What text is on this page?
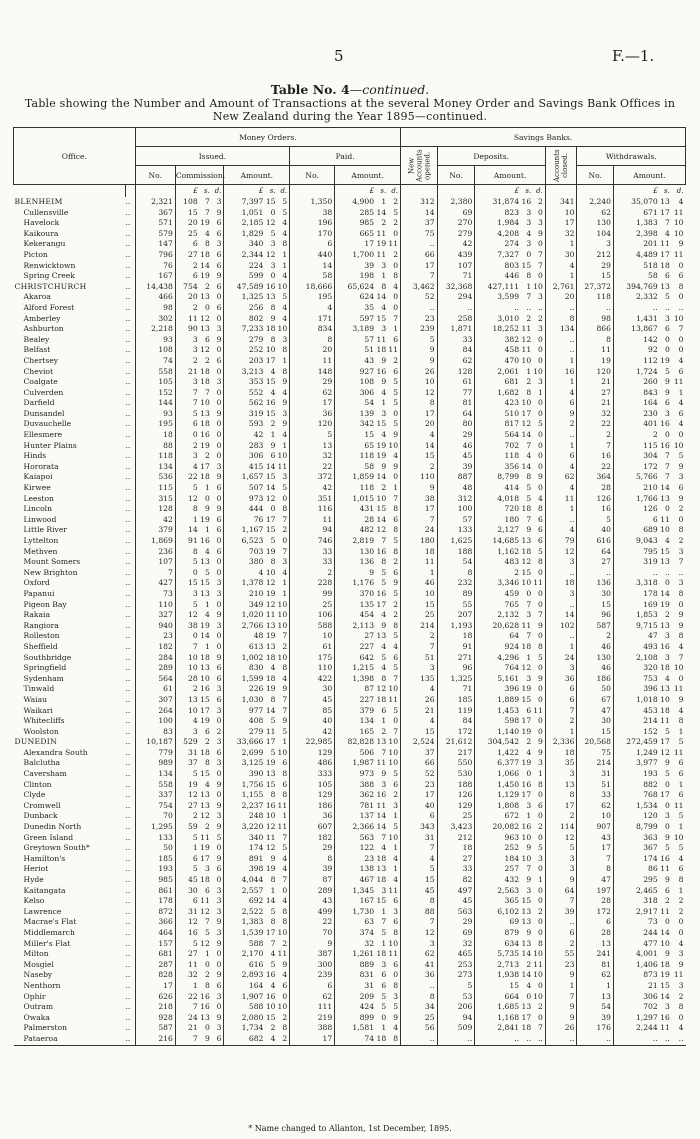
5	F.—1.
Table No. 4—continued.
Table showing the Number and Amount of Transactions at the several Money Order and Savings Bank Offices in New Zealand during the Year 1895—continued.
Office.		Money Orders.											Savings Banks.									
		Issued.							Paid.				New Accounts opened.	Deposits.				Accounts closed.	Withdrawals.			
		No.	Commission.			Amount.			No.	Amount.				No.	Amount.				No.	Amount.		
			£	s.	d.	£	s.	d.		£	s.	d.			£	s.	d.			£	s.	d.
BLENHEIM	..	2,321	108	7	3	7,397	15	5	1,350	4,900	1	2	312	2,380	31,874	16	2	341	2,240	35,070	13	4
Cullensville	..	367	15	7	9	1,051	0	5	38	285	14	5	14	69	823	3	0	10	62	671	17	11
Havelock	..	571	20	19	6	2,185	12	4	196	985	2	2	37	270	1,984	3	3	17	130	1,383	7	10
Kaikoura	..	579	25	4	6	1,829	5	4	170	665	11	0	75	279	4,208	4	9	32	104	2,398	4	10
Kekerangu	..	147	6	8	3	340	3	8	6	17	19	11	..	42	274	3	0	1	3	201	11	9
Picton	..	796	27	18	6	2,344	12	1	440	1,700	11	2	66	439	7,327	0	7	30	212	4,489	17	11
Renwicktown	..	76	2	14	6	224	3	1	14	39	3	0	17	107	803	15	7	4	29	518	18	0
Spring Creek	..	167	6	19	9	599	0	4	58	198	1	8	7	71	446	8	0	1	15	58	6	6
CHRISTCHURCH	..	14,438	754	2	6	47,589	16	10	18,666	65,624	8	4	3,462	32,368	427,111	1	10	2,761	27,372	394,769	13	8
Akaroa	..	466	20	13	0	1,325	13	5	195	624	14	0	52	294	3,599	7	3	20	118	2,332	5	0
Alford Forest	..	98	2	0	6	256	8	4	4	35	4	0	..	..	..	..	..	..	..	..	..	..
Amberley	..	302	11	12	0	802	9	4	171	597	15	7	23	258	3,010	2	2	8	98	1,431	3	10
Ashburton	..	2,218	90	13	3	7,233	18	10	834	3,189	3	1	239	1,871	18,252	11	3	134	866	13,867	6	7
Bealey	..	93	3	6	9	279	8	3	8	57	11	6	5	33	382	12	0	..	8	142	0	0
Belfast	..	108	3	12	0	252	10	8	20	51	18	11	9	84	458	11	0	..	11	92	0	0
Chertsey	..	74	2	2	6	203	17	1	11	43	9	2	9	62	470	10	0	1	19	112	19	4
Cheviot	..	558	21	18	0	3,213	4	8	148	927	16	6	26	128	2,061	1	10	16	120	1,724	5	6
Coalgate	..	105	3	18	3	353	15	9	29	108	9	5	10	61	681	2	3	1	21	260	9	11
Culverden	..	152	7	7	0	552	4	4	62	306	4	5	12	77	1,682	8	1	4	27	843	9	1
Darfield	..	144	7	10	0	562	16	9	17	54	1	5	8	81	423	10	0	6	21	164	6	4
Dunsandel	..	93	5	13	9	319	15	3	36	139	3	0	17	64	510	17	0	9	32	230	3	6
Duvauchelle	..	195	6	18	0	593	2	9	120	342	15	5	20	80	817	12	5	2	22	401	16	4
Ellesmere	..	18	0	16	0	42	1	4	5	15	4	9	4	29	564	14	0	..	2	2	0	0
Hunter Plains	..	88	2	19	0	283	9	1	13	65	19	10	14	46	702	7	0	1	7	115	16	10
Hinds	..	118	3	2	0	306	6	10	32	118	19	4	15	45	118	4	0	6	16	304	7	5
Hororata	..	134	4	17	3	415	14	11	22	58	9	9	2	39	356	14	0	4	22	172	7	9
Kaiapoi	..	536	22	18	9	1,657	15	3	372	1,859	14	0	110	887	8,799	8	9	62	364	5,766	7	3
Kirwee	..	115	5	1	6	507	14	5	42	118	2	1	9	48	414	5	0	4	28	210	14	6
Leeston	..	315	12	0	0	973	12	0	351	1,015	10	7	38	312	4,018	5	4	11	126	1,766	13	9
Lincoln	..	128	8	9	9	444	0	8	116	431	15	8	17	100	720	18	8	1	16	126	0	2
Linwood	..	42	1	19	6	76	17	7	11	28	14	6	7	57	180	7	6	..	5	6	11	0
Little River	..	379	14	1	6	1,167	15	2	94	482	12	8	24	133	2,127	9	6	4	40	689	10	8
Lyttelton	..	1,869	91	16	0	6,523	5	0	746	2,819	7	5	180	1,625	14,685	13	6	79	616	9,043	4	2
Methven	..	236	8	4	6	703	19	7	33	130	16	8	18	188	1,162	18	5	12	64	795	15	3
Mount Somers	..	107	5	13	0	380	8	3	33	136	8	2	11	54	483	12	8	3	27	319	13	7
New Brighton	..	7	0	5	0	4	10	4	2	9	5	6	1	8	2	15	0	..	..	..	..	..
Oxford	..	427	15	15	3	1,378	12	1	228	1,176	5	9	46	232	3,346	10	11	18	136	3,318	0	3
Papanui	..	73	3	13	3	210	19	1	99	370	16	5	10	89	459	0	0	3	30	178	14	8
Pigeon Bay	..	110	5	1	0	349	12	10	25	135	17	2	15	55	765	7	0	..	15	169	19	0
Rakaia	..	327	12	4	9	1,020	11	10	106	454	4	2	25	207	2,132	3	7	14	96	1,853	2	9
Rangiora	..	940	38	19	3	2,766	13	10	588	2,113	9	8	214	1,193	20,628	11	9	102	587	9,715	13	9
Rolleston	..	23	0	14	0	48	19	7	10	27	13	5	2	18	64	7	0	..	2	47	3	8
Sheffield	..	182	7	1	0	613	13	2	61	227	4	4	7	91	924	18	8	1	46	493	16	4
Southbridge	..	284	10	18	9	1,002	18	10	175	642	5	6	51	271	4,296	1	5	24	130	2,108	3	7
Springfield	..	289	10	13	6	830	4	8	110	1,215	4	5	3	96	764	12	0	3	46	320	18	10
Sydenham	..	564	28	10	6	1,599	18	4	422	1,398	8	7	135	1,325	5,161	3	9	36	186	753	4	0
Tinwald	..	61	2	16	3	226	19	9	30	87	12	10	4	71	396	19	0	6	50	396	13	11
Waiau	..	307	13	15	6	1,030	8	7	45	227	18	11	26	185	1,889	15	0	6	67	1,018	10	9
Waikari	..	264	10	17	3	977	14	7	85	379	6	5	21	119	1,453	6	11	7	47	453	18	4
Whitecliffs	..	100	4	19	0	408	5	9	40	134	1	0	4	84	598	17	0	2	30	214	11	8
Woolston	..	83	3	6	2	279	11	5	42	165	2	7	15	172	1,140	19	0	1	15	152	5	1
DUNEDIN	..	10,187	529	2	3	33,666	17	1	22,985	82,828	13	10	2,524	21,612	304,542	2	9	2,336	20,568	272,459	17	5
Alexandra South	..	779	31	18	6	2,699	5	10	129	506	7	10	37	217	1,422	4	9	18	75	1,249	12	11
Balclutha	..	989	37	8	3	3,125	19	6	486	1,987	11	10	66	550	6,377	19	3	35	214	3,977	9	6
Caversham	..	134	5	15	0	390	13	8	333	973	9	5	52	530	1,066	0	1	3	31	193	5	6
Clinton	..	558	19	4	9	1,756	15	6	105	388	3	6	23	188	1,450	16	8	13	51	882	0	1
Clyde	..	337	12	13	0	1,155	8	8	129	362	16	2	17	126	1,129	17	0	8	33	768	17	6
Cromwell	..	754	27	13	9	2,237	16	11	186	781	11	3	40	129	1,808	3	6	17	62	1,534	0	11
Dunback	..	70	2	12	3	248	10	1	36	137	14	1	6	25	672	1	0	2	10	120	3	5
Dunedin North	..	1,295	59	2	9	3,220	12	11	607	2,366	14	5	343	3,423	20,082	16	2	114	907	8,799	0	1
Green Island	..	133	5	11	5	340	11	7	182	563	7	10	31	212	963	10	0	12	43	363	9	10
Greytown South*	..	50	1	19	0	174	12	5	29	122	4	1	7	18	252	9	5	5	17	367	5	5
Hamilton's	..	185	6	17	9	891	9	4	8	23	18	4	4	27	184	10	3	3	7	174	16	4
Heriot	..	193	5	3	6	398	19	4	39	138	13	1	5	33	257	7	0	3	8	86	11	6
Hyde	..	985	45	18	0	4,044	8	7	87	467	18	4	15	82	432	9	1	9	47	295	9	8
Kaitangata	..	861	30	6	3	2,557	1	0	289	1,345	3	11	45	497	2,563	3	0	64	197	2,465	6	1
Kelso	..	178	6	11	3	692	14	4	43	167	15	6	8	45	365	15	0	7	28	318	2	2
Lawrence	..	872	31	12	3	2,522	5	8	499	1,730	1	3	88	563	6,102	13	2	39	172	2,917	11	2
Macrae's Flat	..	366	12	7	9	1,383	8	8	22	63	7	6	7	29	69	13	0	..	6	73	0	0
Middlemarch	..	464	16	5	3	1,539	17	10	70	374	5	8	12	69	879	9	0	6	28	244	14	0
Miller's Flat	..	157	5	12	9	588	7	2	9	32	1	10	3	32	634	13	8	2	13	477	10	4
Milton	..	681	27	1	0	2,170	4	11	387	1,261	18	11	62	465	5,735	14	10	55	241	4,001	9	3
Mosgiel	..	287	11	0	0	616	5	9	300	889	3	6	41	253	2,713	2	11	23	81	1,406	18	9
Naseby	..	828	32	2	9	2,893	16	4	239	831	6	0	36	273	1,938	14	10	9	62	873	19	11
Nenthorn	..	17	1	8	6	164	4	6	6	31	6	8	..	5	15	4	0	1	1	21	15	3
Ophir	..	626	22	16	3	1,907	16	0	62	209	5	3	8	53	664	0	10	7	13	306	14	2
Outram	..	218	7	16	0	588	10	10	111	424	5	5	34	206	1,685	13	2	9	54	702	3	8
Owaka	..	928	24	13	9	2,080	15	2	219	899	0	9	25	94	1,168	17	0	9	39	1,297	16	0
Palmerston	..	587	21	0	3	1,734	2	8	388	1,581	1	4	56	509	2,841	18	7	26	176	2,244	11	4
Pataeroa	..	216	7	9	6	682	4	2	17	74	18	8	..	..	..	..	..	..	..	..	..	..
* Name changed to Allanton, 1st December, 1895.
